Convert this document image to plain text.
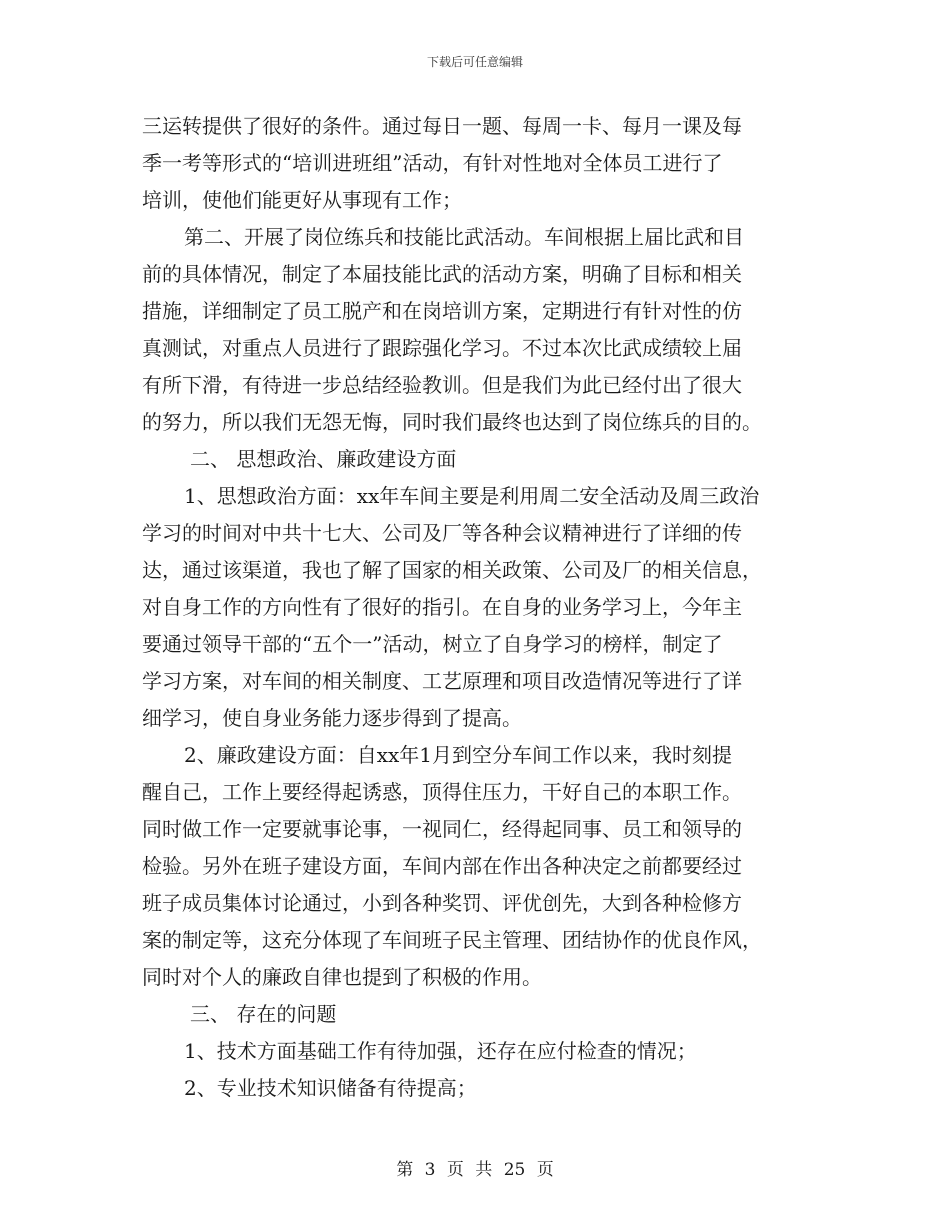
下载后可任意编辑
三运转提供了很好的条件。通过每日一题、每周一卡、每月一课及每
季一考等形式的“培训进班组”活动，有针对性地对全体员工进行了
培训，使他们能更好从事现有工作；
第二、开展了岗位练兵和技能比武活动。车间根据上届比武和目
前的具体情况，制定了本届技能比武的活动方案，明确了目标和相关
措施，详细制定了员工脱产和在岗培训方案，定期进行有针对性的仿
真测试，对重点人员进行了跟踪强化学习。不过本次比武成绩较上届
有所下滑，有待进一步总结经验教训。但是我们为此已经付出了很大
的努力，所以我们无怨无悔，同时我们最终也达到了岗位练兵的目的。
二、 思想政治、廉政建设方面
1、思想政治方面：xx年车间主要是利用周二安全活动及周三政治
学习的时间对中共十七大、公司及厂等各种会议精神进行了详细的传
达，通过该渠道，我也了解了国家的相关政策、公司及厂的相关信息，
对自身工作的方向性有了很好的指引。在自身的业务学习上，今年主
要通过领导干部的“五个一”活动，树立了自身学习的榜样，制定了
学习方案，对车间的相关制度、工艺原理和项目改造情况等进行了详
细学习，使自身业务能力逐步得到了提高。
2、廉政建设方面：自xx年1月到空分车间工作以来，我时刻提
醒自己，工作上要经得起诱惑，顶得住压力，干好自己的本职工作。
同时做工作一定要就事论事，一视同仁，经得起同事、员工和领导的
检验。另外在班子建设方面，车间内部在作出各种决定之前都要经过
班子成员集体讨论通过，小到各种奖罚、评优创先，大到各种检修方
案的制定等，这充分体现了车间班子民主管理、团结协作的优良作风，
同时对个人的廉政自律也提到了积极的作用。
三、 存在的问题
1、技术方面基础工作有待加强，还存在应付检查的情况；
2、专业技术知识储备有待提高；
第 3 页 共 25 页
